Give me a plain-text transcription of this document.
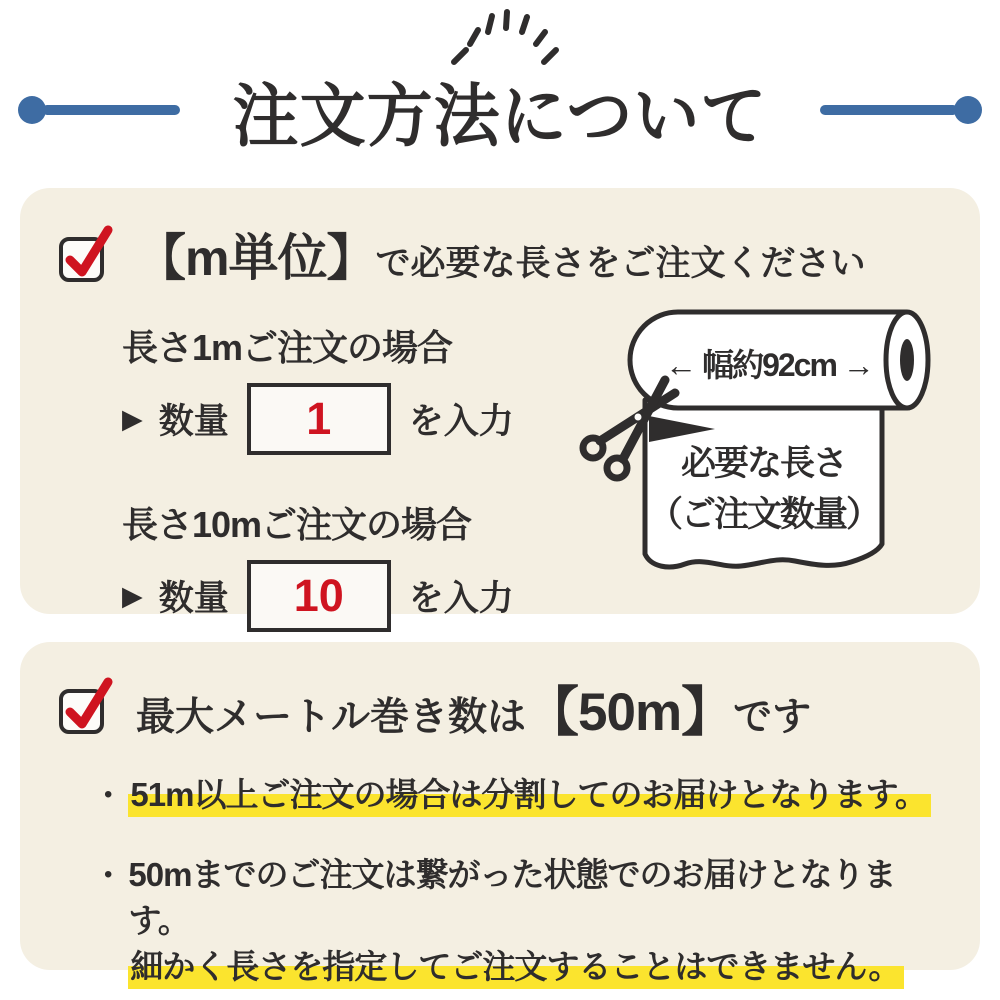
注文方法について
【m単位】で必要な長さをご注文ください
長さ1mご注文の場合
▶ 数量 1 を入力
長さ10mご注文の場合
▶ 数量 10 を入力
← 幅約92cm →
必要な長さ
（ご注文数量）
最大メートル巻き数は【50m】です
• 51m以上ご注文の場合は分割してのお届けとなります。
• 50mまでのご注文は繋がった状態でのお届けとなります。
細かく長さを指定してご注文することはできません。
